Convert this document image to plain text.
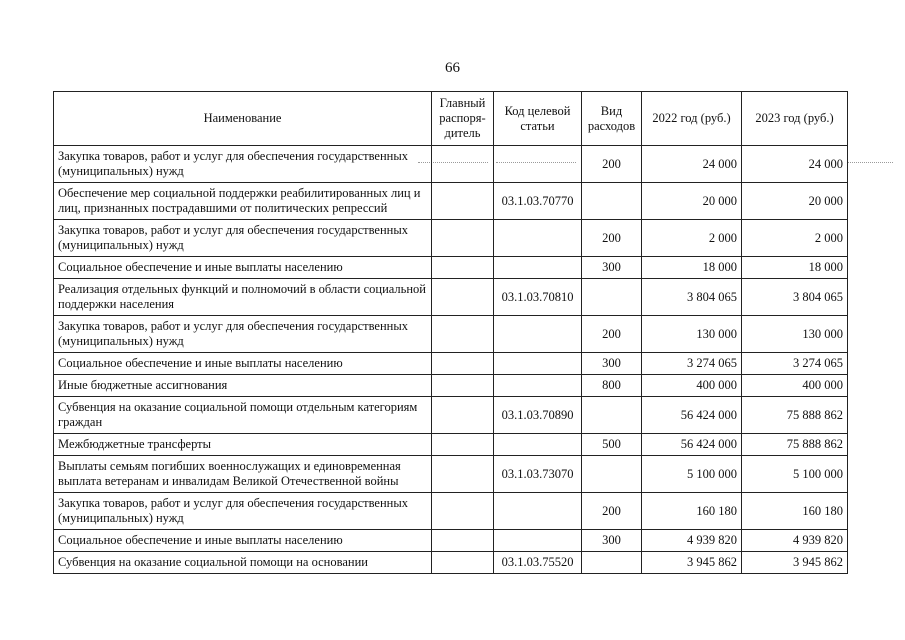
66
Наименование	Главный распоря-дитель	Код целевой статьи	Вид расходов	2022 год (руб.)	2023 год (руб.)
Закупка товаров, работ и услуг для обеспечения государственных (муниципальных) нужд			200	24 000	24 000
Обеспечение мер социальной поддержки реабилитированных лиц и лиц, признанных пострадавшими от политических репрессий		03.1.03.70770		20 000	20 000
Закупка товаров, работ и услуг для обеспечения государственных (муниципальных) нужд			200	2 000	2 000
Социальное обеспечение и иные выплаты населению			300	18 000	18 000
Реализация отдельных функций и полномочий в области социальной поддержки населения		03.1.03.70810		3 804 065	3 804 065
Закупка товаров, работ и услуг для обеспечения государственных (муниципальных) нужд			200	130 000	130 000
Социальное обеспечение и иные выплаты населению			300	3 274 065	3 274 065
Иные бюджетные ассигнования			800	400 000	400 000
Субвенция на оказание социальной помощи отдельным категориям граждан		03.1.03.70890		56 424 000	75 888 862
Межбюджетные трансферты			500	56 424 000	75 888 862
Выплаты семьям погибших военнослужащих и единовременная выплата ветеранам и инвалидам Великой Отечественной войны		03.1.03.73070		5 100 000	5 100 000
Закупка товаров, работ и услуг для обеспечения государственных (муниципальных) нужд			200	160 180	160 180
Социальное обеспечение и иные выплаты населению			300	4 939 820	4 939 820
Субвенция на оказание социальной помощи на основании		03.1.03.75520		3 945 862	3 945 862
